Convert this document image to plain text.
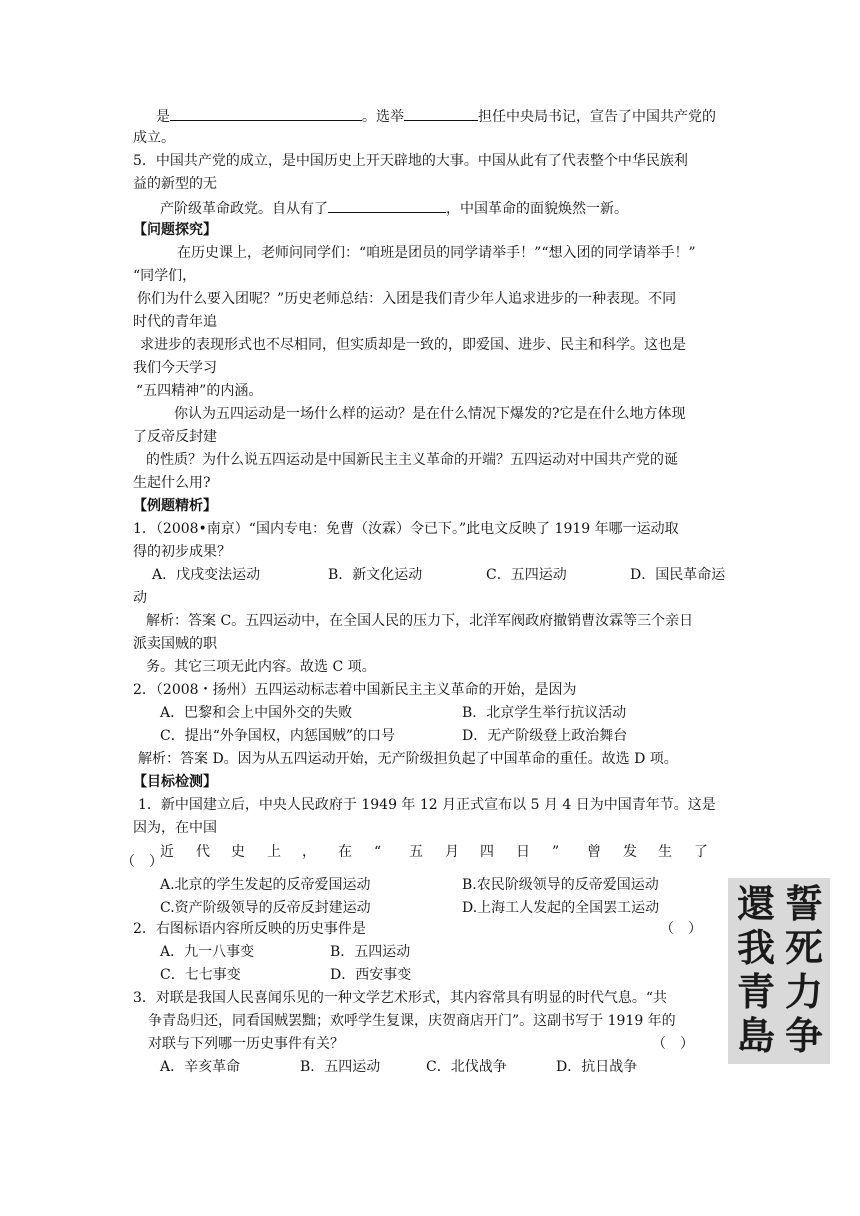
是	。选举	担任中央局书记，宣告了中国共产党的
成立。
5．中国共产党的成立，是中国历史上开天辟地的大事。中国从此有了代表整个中华民族利
益的新型的无
产阶级革命政党。自从有了	，中国革命的面貌焕然一新。
【问题探究】
在历史课上，老师问同学们：“咱班是团员的同学请举手！”“想入团的同学请举手！”
“同学们，
你们为什么要入团呢？”历史老师总结：入团是我们青少年人追求进步的一种表现。不同
时代的青年追
求进步的表现形式也不尽相同，但实质却是一致的，即爱国、进步、民主和科学。这也是
我们今天学习
“五四精神”的内涵。
你认为五四运动是一场什么样的运动？是在什么情况下爆发的?它是在什么地方体现
了反帝反封建
的性质？为什么说五四运动是中国新民主主义革命的开端？五四运动对中国共产党的诞
生起什么用?
【例题精析】
1．（2008•南京）“国内专电：免曹（汝霖）令已下。”此电文反映了 1919 年哪一运动取
得的初步成果？
A．戊戌变法运动	B．新文化运动	C．五四运动	D．国民革命运
动
解析：答案 C。五四运动中，在全国人民的压力下，北洋军阀政府撤销曹汝霖等三个亲日
派卖国贼的职
务。其它三项无此内容。故选 C 项。
2．（2008・扬州）五四运动标志着中国新民主主义革命的开始，是因为
A．巴黎和会上中国外交的失败	B．北京学生举行抗议活动
C．提出“外争国权，内惩国贼”的口号	D．无产阶级登上政治舞台
解析：答案 D。因为从五四运动开始，无产阶级担负起了中国革命的重任。故选 D 项。
【目标检测】
1．新中国建立后，中央人民政府于 1949 年 12 月正式宣布以 5 月 4 日为中国青年节。这是
因为，在中国
近 代 史 上 ， 在 “ 五 月 四 日 ” 曾 发 生 了
（　）
A.北京的学生发起的反帝爱国运动	B.农民阶级领导的反帝爱国运动
C.资产阶级领导的反帝反封建运动	D.上海工人发起的全国罢工运动
2．右图标语内容所反映的历史事件是	（　）
A．九一八事变	B．五四运动
C．七七事变	D．西安事变
3．对联是我国人民喜闻乐见的一种文学艺术形式，其内容常具有明显的时代气息。“共
争青岛归还，同看国贼罢黜；欢呼学生复课，庆贺商店开门”。这副书写于 1919 年的
对联与下列哪一历史事件有关？	（　）
A．辛亥革命	B．五四运动	C．北伐战争	D．抗日战争
誓
死
力
争
還
我
青
島
